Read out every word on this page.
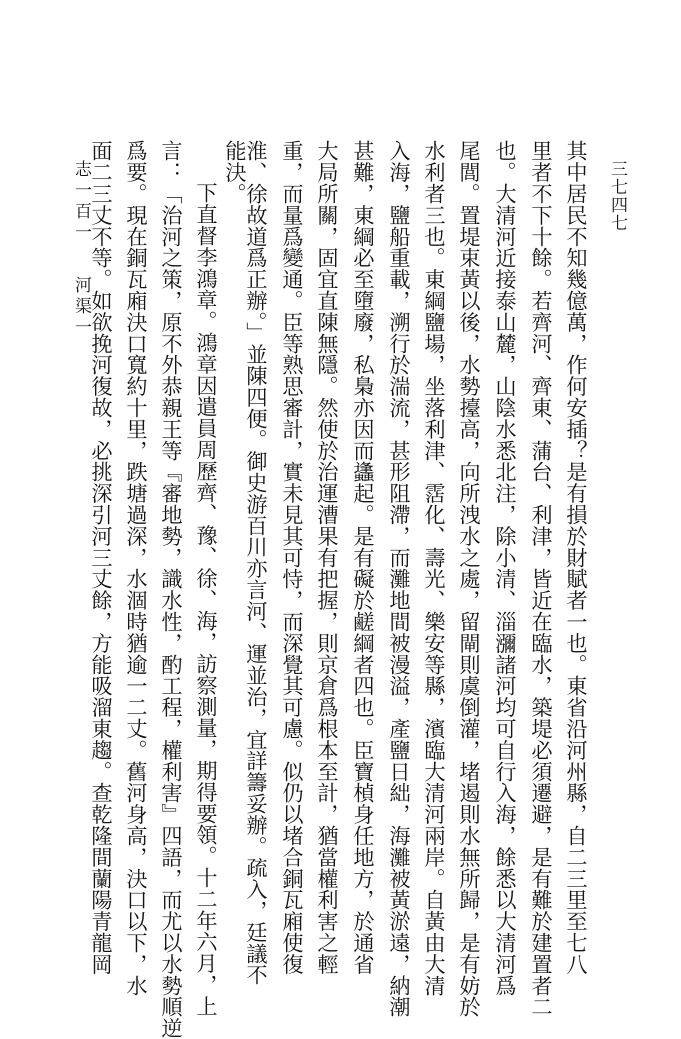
志一百一河渠一
三七四七
其中居民不知幾億萬，作何安插？是有損於財賦者一也。東省沿河州縣，自二三里至七八
里者不下十餘。若齊河、齊東、蒲台、利津，皆近在臨水，築堤必須遷避，是有難於建置者二
也。大清河近接泰山麓，山陰水悉北注，除小清、淄瀰諸河均可自行入海，餘悉以大清河爲
尾閭。置堤束黃以後，水勢擡高，向所洩水之處，留閘則虞倒灌，堵遏則水無所歸，是有妨於
水利者三也。東綱鹽場，坐落利津、霑化、壽光、樂安等縣，濱臨大清河兩岸。自黃由大清
入海，鹽船重載，溯行於湍流，甚形阻滯，而灘地間被漫溢，產鹽日絀，海灘被黃淤遠，納潮
甚難，東綱必至墮廢，私梟亦因而蠭起。是有礙於鹺綱者四也。臣寶楨身任地方，於通省
大局所關，固宜直陳無隱。然使於治運漕果有把握，則京倉爲根本至計，猶當權利害之輕
重，而量爲變通。臣等熟思審計，實未見其可恃，而深覺其可慮。似仍以堵合銅瓦廂使復
淮、徐故道爲正辦。」並陳四便。御史游百川亦言河、運並治，宜詳籌妥辦。疏入，廷議不
能決。
下直督李鴻章。鴻章因遣員周歷齊、豫、徐、海，訪察測量，期得要領。十二年六月，上
言：「治河之策，原不外恭親王等『審地勢，識水性，酌工程，權利害』四語，而尤以水勢順逆
爲要。現在銅瓦廂決口寬約十里，跌塘過深，水涸時猶逾一二丈。舊河身高，決口以下，水
面二三丈不等。如欲挽河復故，必挑深引河三丈餘，方能吸溜東趨。查乾隆間蘭陽青龍岡
